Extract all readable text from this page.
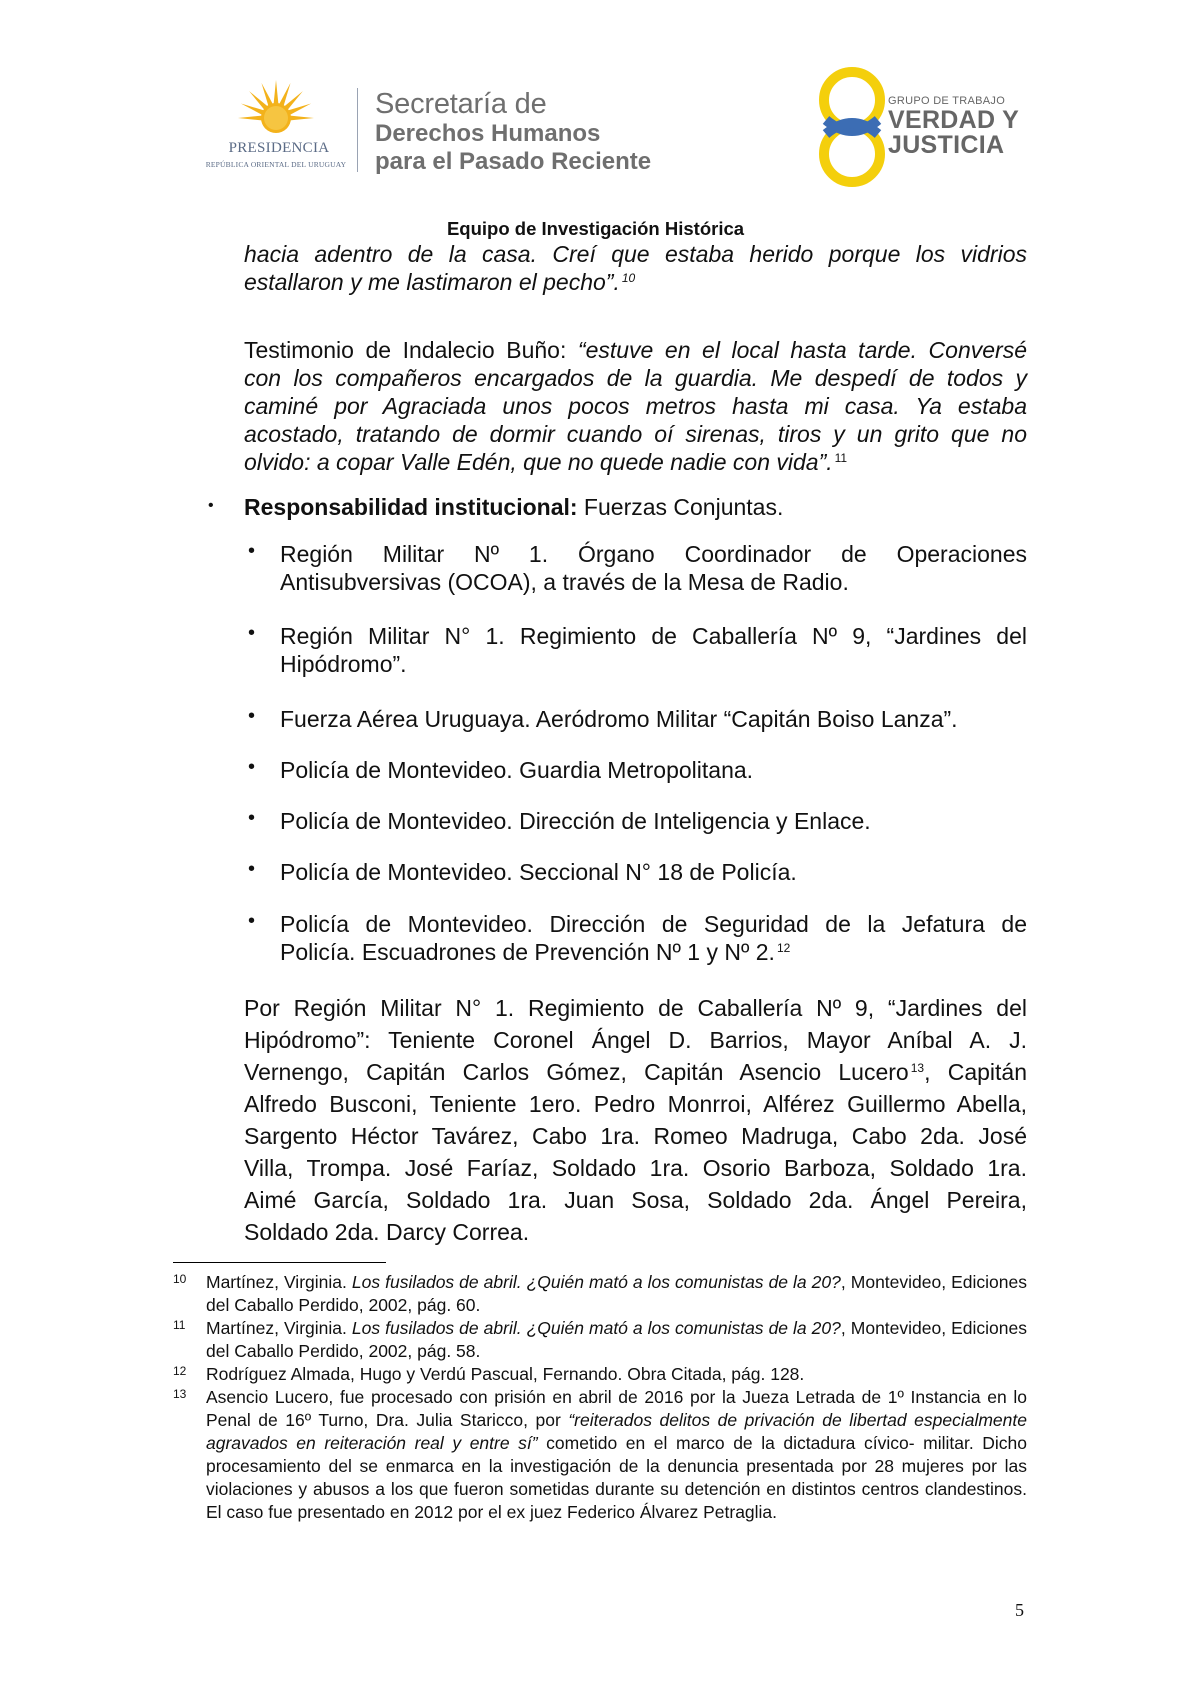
PRESIDENCIA
REPÚBLICA ORIENTAL DEL URUGUAY
Secretaría de
Derechos Humanos
para el Pasado Reciente
GRUPO DE TRABAJO
VERDAD Y
JUSTICIA
Equipo de Investigación Histórica
hacia adentro de la casa. Creí que estaba herido porque los vidrios
estallaron y me lastimaron el pecho”. $^{10}$
Testimonio de Indalecio Buño: “estuve en el local hasta tarde. Conversé
con los compañeros encargados de la guardia. Me despedí de todos y
caminé por Agraciada unos pocos metros hasta mi casa. Ya estaba
acostado, tratando de dormir cuando oí sirenas, tiros y un grito que no
olvido: a copar Valle Edén, que no quede nadie con vida”. $^{11}$
• Responsabilidad institucional: Fuerzas Conjuntas.
• Región Militar Nº 1. Órgano Coordinador de Operaciones
Antisubversivas (OCOA), a través de la Mesa de Radio.
• Región Militar N° 1. Regimiento de Caballería Nº 9, “Jardines del
Hipódromo”.
Fuerza Aérea Uruguaya. Aeródromo Militar “Capitán Boiso Lanza”.
•
• Policía de Montevideo. Guardia Metropolitana.
• Policía de Montevideo. Dirección de Inteligencia y Enlace.
• Policía de Montevideo. Seccional N° 18 de Policía.
• Policía de Montevideo. Dirección de Seguridad de la Jefatura de
Policía. Escuadrones de Prevención Nº 1 y Nº 2. $^{12}$
Por Región Militar N° 1. Regimiento de Caballería Nº 9, “Jardines del
Hipódromo”: Teniente Coronel Ángel D. Barrios, Mayor Aníbal A. J.
Vernengo, Capitán Carlos Gómez, Capitán Asencio Lucero $^{13}$, Capitán
Alfredo Busconi, Teniente 1ero. Pedro Monrroi, Alférez Guillermo Abella,
Sargento Héctor Tavárez, Cabo 1ra. Romeo Madruga, Cabo 2da. José
Villa, Trompa. José Faríaz, Soldado 1ra. Osorio Barboza, Soldado 1ra.
Aimé García, Soldado 1ra. Juan Sosa, Soldado 2da. Ángel Pereira,
Soldado 2da. Darcy Correa.
10 Martínez, Virginia. Los fusilados de abril. ¿Quién mató a los comunistas de la 20?, Montevideo, Ediciones del Caballo Perdido, 2002, pág. 60.
11 Martínez, Virginia. Los fusilados de abril. ¿Quién mató a los comunistas de la 20?, Montevideo, Ediciones del Caballo Perdido, 2002, pág. 58.
12 Rodríguez Almada, Hugo y Verdú Pascual, Fernando. Obra Citada, pág. 128.
13 Asencio Lucero, fue procesado con prisión en abril de 2016 por la Jueza Letrada de 1º Instancia en lo Penal de 16º Turno, Dra. Julia Staricco, por “reiterados delitos de privación de libertad especialmente agravados en reiteración real y entre sí” cometido en el marco de la dictadura cívico- militar. Dicho procesamiento del se enmarca en la investigación de la denuncia presentada por 28 mujeres por las violaciones y abusos a los que fueron sometidas durante su detención en distintos centros clandestinos. El caso fue presentado en 2012 por el ex juez Federico Álvarez Petraglia.
5
